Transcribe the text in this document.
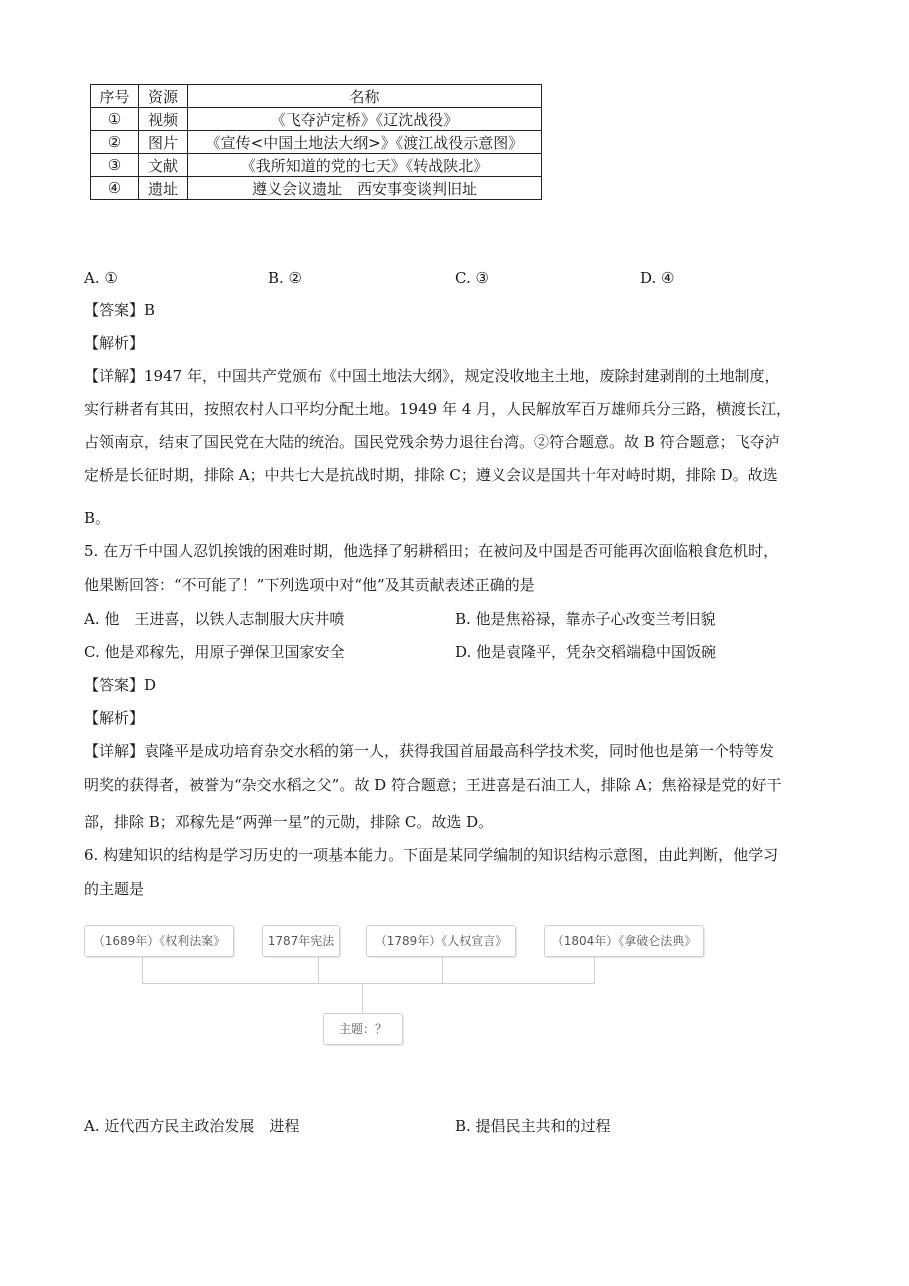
序号	资源	名称
①	视频	《飞夺泸定桥》《辽沈战役》
②	图片	《宣传<中国土地法大纲>》《渡江战役示意图》
③	文献	《我所知道的党的七天》《转战陕北》
④	遗址	遵义会议遗址　西安事变谈判旧址
A. ①	B. ②	C. ③	D. ④
【答案】B
【解析】
【详解】1947 年，中国共产党颁布《中国土地法大纲》，规定没收地主土地，废除封建剥削的土地制度，
实行耕者有其田，按照农村人口平均分配土地。1949 年 4 月，人民解放军百万雄师兵分三路，横渡长江，
占领南京，结束了国民党在大陆的统治。国民党残余势力退往台湾。②符合题意。故 B 符合题意；飞夺泸
定桥是长征时期，排除 A；中共七大是抗战时期，排除 C；遵义会议是国共十年对峙时期，排除 D。故选
B。
5. 在万千中国人忍饥挨饿的困难时期，他选择了躬耕稻田；在被问及中国是否可能再次面临粮食危机时，
他果断回答：“不可能了！”下列选项中对“他”及其贡献表述正确的是
A. 他　王进喜，以铁人志制服大庆井喷	B. 他是焦裕禄，靠赤子心改变兰考旧貌
C. 他是邓稼先，用原子弹保卫国家安全	D. 他是袁隆平，凭杂交稻端稳中国饭碗
【答案】D
【解析】
【详解】袁隆平是成功培育杂交水稻的第一人，获得我国首届最高科学技术奖，同时他也是第一个特等发
明奖的获得者，被誉为“杂交水稻之父”。故 D 符合题意；王进喜是石油工人，排除 A；焦裕禄是党的好干
部，排除 B；邓稼先是“两弹一星”的元勋，排除 C。故选 D。
6. 构建知识的结构是学习历史的一项基本能力。下面是某同学编制的知识结构示意图，由此判断，他学习
的主题是
（1689年）《权利法案》	1787年宪法	（1789年）《人权宣言》	（1804年）《拿破仑法典》
主题：？
A. 近代西方民主政治发展　进程	B. 提倡民主共和的过程
